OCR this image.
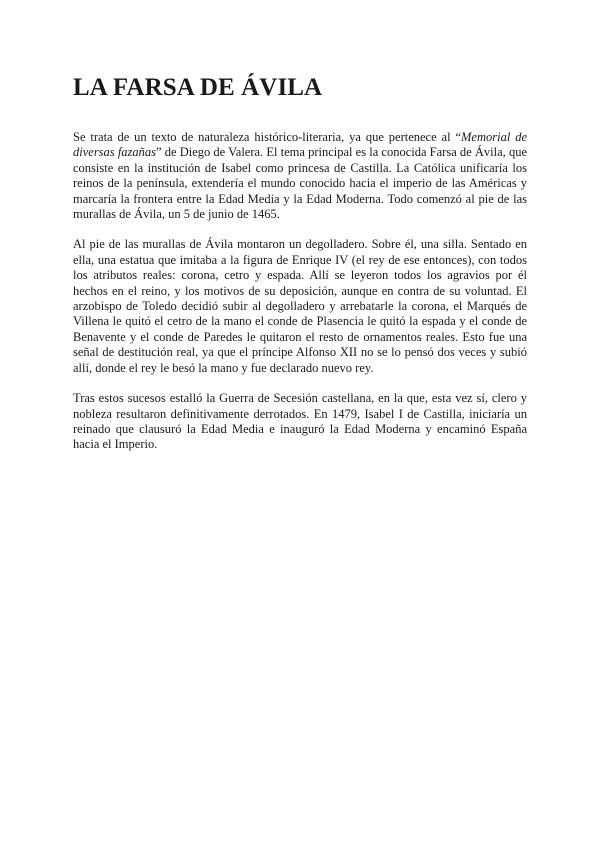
LA FARSA DE ÁVILA

Se trata de un texto de naturaleza histórico-literaria, ya que pertenece al “Memorial de diversas fazañas” de Diego de Valera. El tema principal es la conocida Farsa de Ávila, que consiste en la institución de Isabel como princesa de Castilla. La Católica unificaría los reinos de la península, extendería el mundo conocido hacia el imperio de las Américas y marcaría la frontera entre la Edad Media y la Edad Moderna. Todo comenzó al pie de las murallas de Ávila, un 5 de junio de 1465.

Al pie de las murallas de Ávila montaron un degolladero. Sobre él, una silla. Sentado en ella, una estatua que imitaba a la figura de Enrique IV (el rey de ese entonces), con todos los atributos reales: corona, cetro y espada. Allí se leyeron todos los agravios por él hechos en el reino, y los motivos de su deposición, aunque en contra de su voluntad. El arzobispo de Toledo decidió subir al degolladero y arrebatarle la corona, el Marqués de Villena le quitó el cetro de la mano el conde de Plasencia le quitó la espada y el conde de Benavente y el conde de Paredes le quitaron el resto de ornamentos reales. Esto fue una señal de destitución real, ya que el príncipe Alfonso XII no se lo pensó dos veces y subió allí, donde el rey le besó la mano y fue declarado nuevo rey.

Tras estos sucesos estalló la Guerra de Secesión castellana, en la que, esta vez sí, clero y nobleza resultaron definitivamente derrotados. En 1479, Isabel I de Castilla, iniciaría un reinado que clausuró la Edad Media e inauguró la Edad Moderna y encaminó España hacia el Imperio.
